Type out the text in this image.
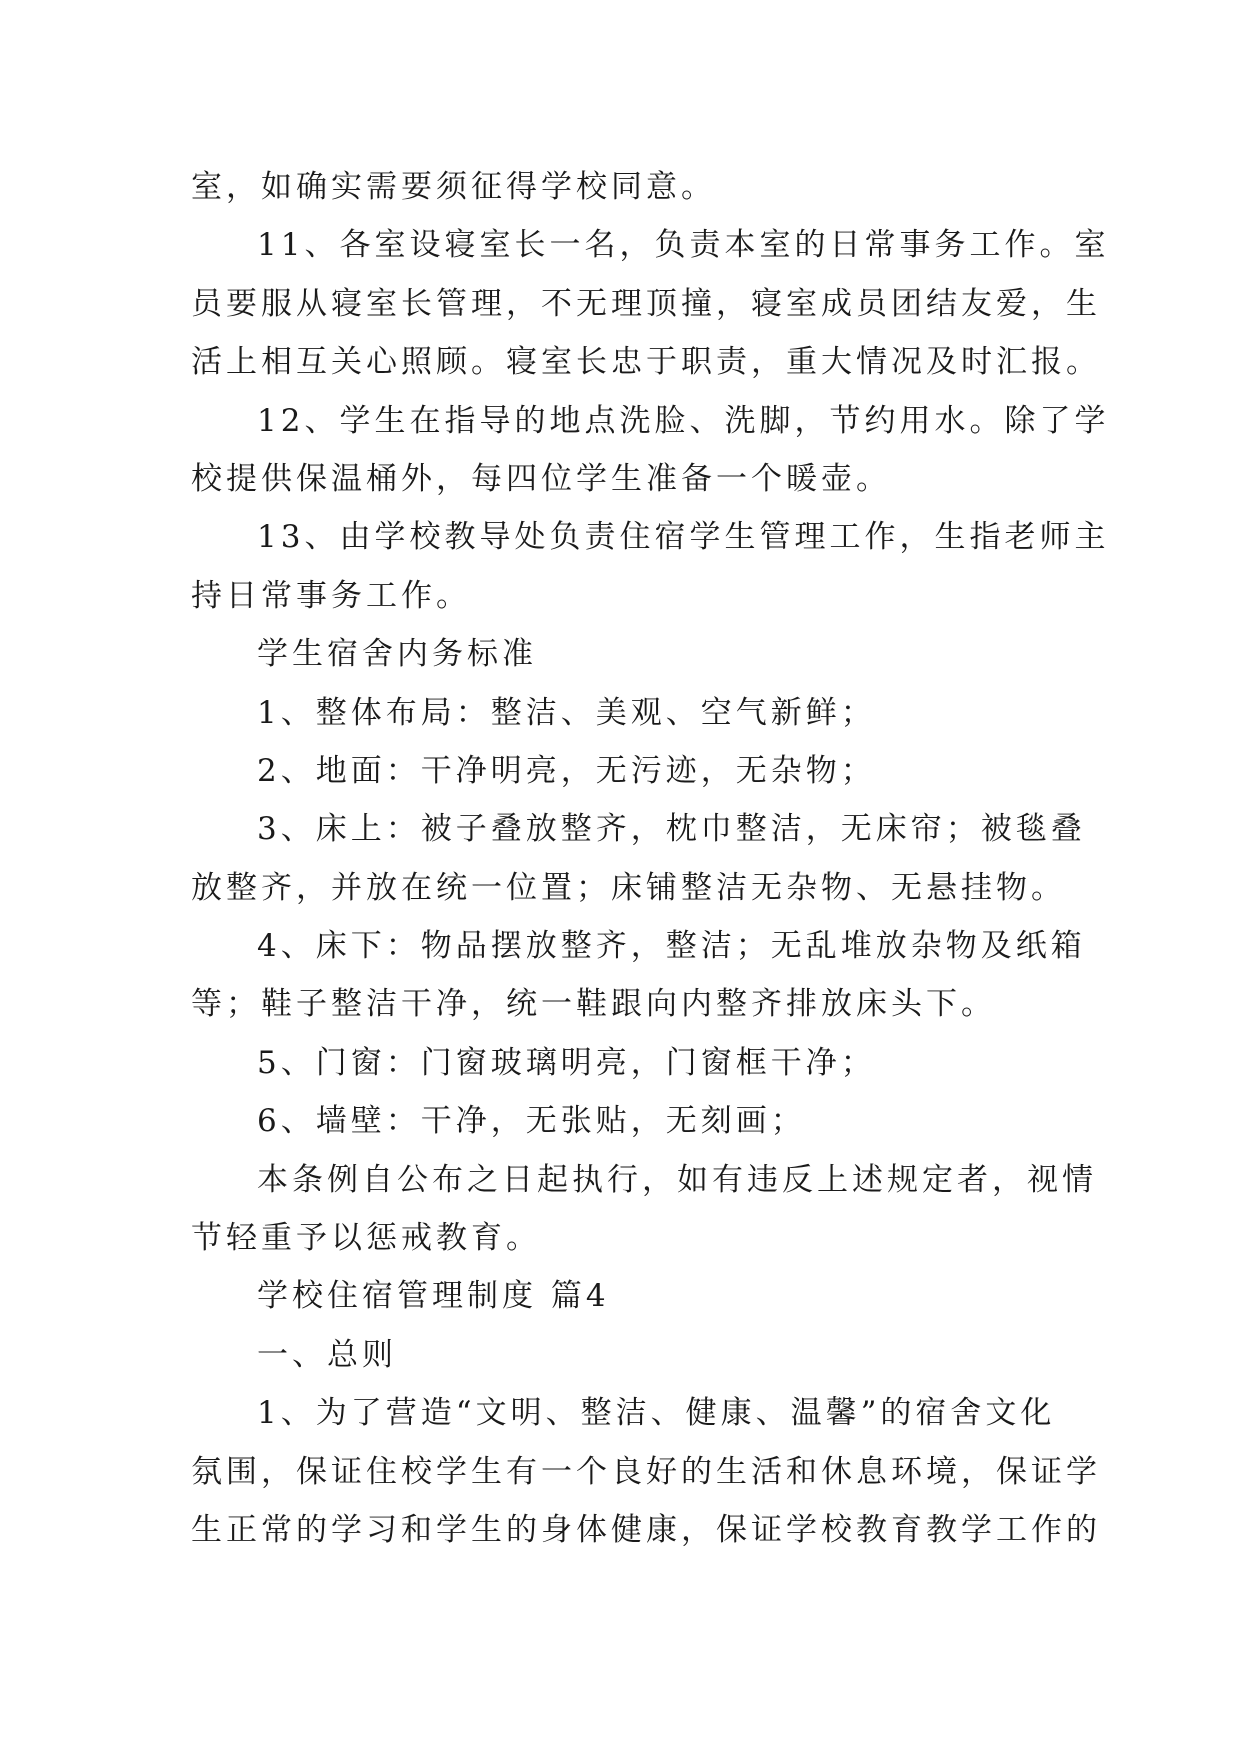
室，如确实需要须征得学校同意。
11、各室设寝室长一名，负责本室的日常事务工作。室
员要服从寝室长管理，不无理顶撞，寝室成员团结友爱，生
活上相互关心照顾。寝室长忠于职责，重大情况及时汇报。
12、学生在指导的地点洗脸、洗脚，节约用水。除了学
校提供保温桶外，每四位学生准备一个暖壶。
13、由学校教导处负责住宿学生管理工作，生指老师主
持日常事务工作。
学生宿舍内务标准
1、整体布局：整洁、美观、空气新鲜；
2、地面：干净明亮，无污迹，无杂物；
3、床上：被子叠放整齐，枕巾整洁，无床帘；被毯叠
放整齐，并放在统一位置；床铺整洁无杂物、无悬挂物。
4、床下：物品摆放整齐，整洁；无乱堆放杂物及纸箱
等；鞋子整洁干净，统一鞋跟向内整齐排放床头下。
5、门窗：门窗玻璃明亮，门窗框干净；
6、墙壁：干净，无张贴，无刻画；
本条例自公布之日起执行，如有违反上述规定者，视情
节轻重予以惩戒教育。
学校住宿管理制度 篇4
一、总则
1、为了营造“文明、整洁、健康、温馨”的宿舍文化
氛围，保证住校学生有一个良好的生活和休息环境，保证学
生正常的学习和学生的身体健康，保证学校教育教学工作的
